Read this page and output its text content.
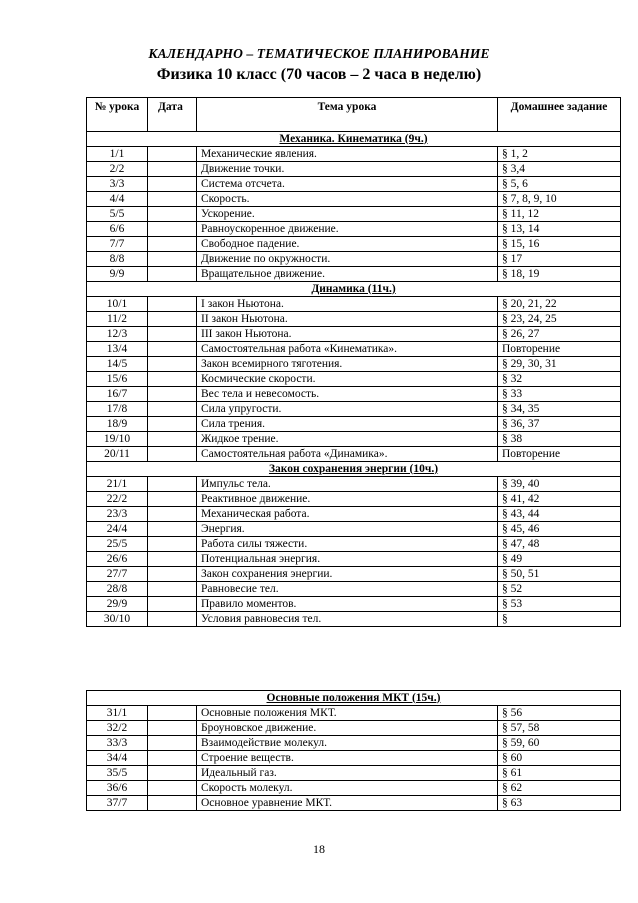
КАЛЕНДАРНО – ТЕМАТИЧЕСКОЕ ПЛАНИРОВАНИЕ
Физика 10 класс (70 часов – 2 часа в неделю)
№ урока	Дата	Тема урока	Домашнее задание
Механика. Кинематика (9ч.)			
1/1		Механические явления.	§ 1, 2
2/2		Движение точки.	§ 3,4
3/3		Система отсчета.	§ 5, 6
4/4		Скорость.	§ 7, 8, 9, 10
5/5		Ускорение.	§ 11, 12
6/6		Равноускоренное движение.	§ 13, 14
7/7		Свободное падение.	§ 15, 16
8/8		Движение по окружности.	§ 17
9/9		Вращательное движение.	§ 18, 19
Динамика (11ч.)			
10/1		I закон Ньютона.	§ 20, 21, 22
11/2		II закон Ньютона.	§ 23, 24, 25
12/3		III закон Ньютона.	§ 26, 27
13/4		Самостоятельная работа «Кинематика».	Повторение
14/5		Закон всемирного тяготения.	§ 29, 30, 31
15/6		Космические скорости.	§ 32
16/7		Вес тела и невесомость.	§ 33
17/8		Сила упругости.	§ 34, 35
18/9		Сила трения.	§ 36, 37
19/10		Жидкое трение.	§ 38
20/11		Самостоятельная работа «Динамика».	Повторение
Закон сохранения энергии (10ч.)			
21/1		Импульс тела.	§ 39, 40
22/2		Реактивное движение.	§ 41, 42
23/3		Механическая работа.	§ 43, 44
24/4		Энергия.	§ 45, 46
25/5		Работа силы тяжести.	§ 47, 48
26/6		Потенциальная энергия.	§ 49
27/7		Закон сохранения энергии.	§ 50, 51
28/8		Равновесие тел.	§ 52
29/9		Правило моментов.	§ 53
30/10		Условия равновесия тел.	§
Основные положения МКТ (15ч.)			
31/1		Основные положения МКТ.	§ 56
32/2		Броуновское движение.	§ 57, 58
33/3		Взаимодействие молекул.	§ 59, 60
34/4		Строение веществ.	§ 60
35/5		Идеальный газ.	§ 61
36/6		Скорость молекул.	§ 62
37/7		Основное уравнение МКТ.	§ 63
18
